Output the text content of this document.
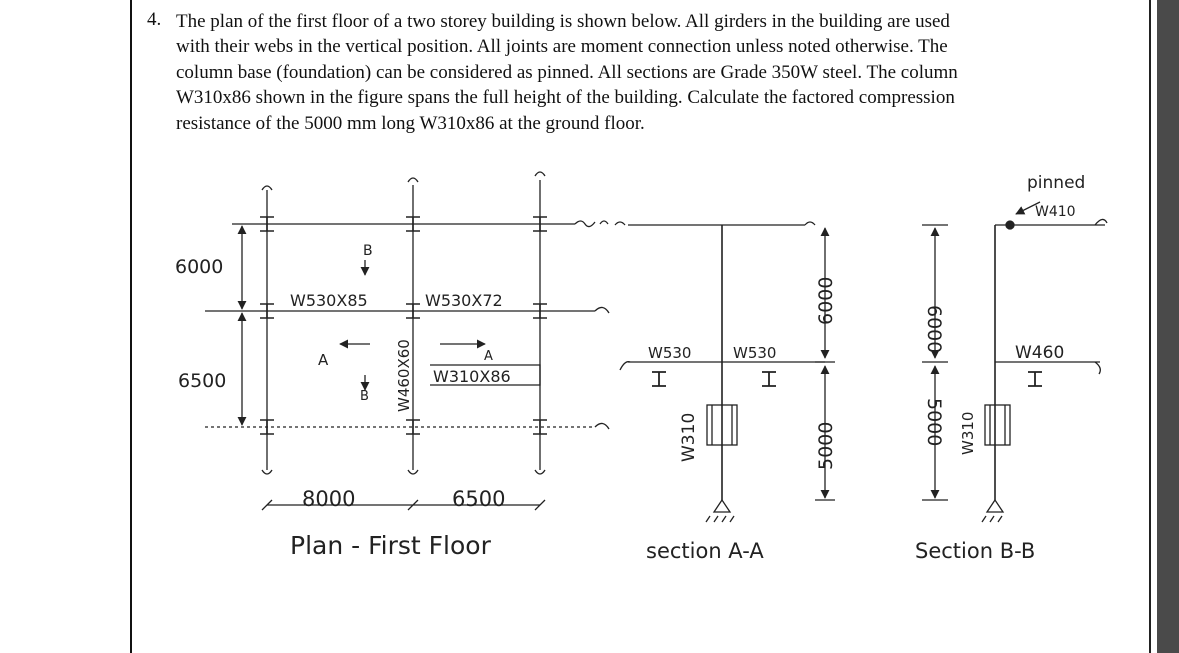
4. The plan of the first floor of a two storey building is shown below. All girders in the building are used
with their webs in the vertical position. All joints are moment connection unless noted otherwise. The
column base (foundation) can be considered as pinned. All sections are Grade 350W steel. The column
W310x86 shown in the figure spans the full height of the building. Calculate the factored compression
resistance of the 5000 mm long W310x86 at the ground floor.
6000
6500
W530X85	W530X72
W310X86
W460X60
A	A
B
B
8000	6500
Plan - First Floor
W530	W530
W310
6000
5000
section A-A
pinned
W410
W460
W310
6000
5000
Section B-B
